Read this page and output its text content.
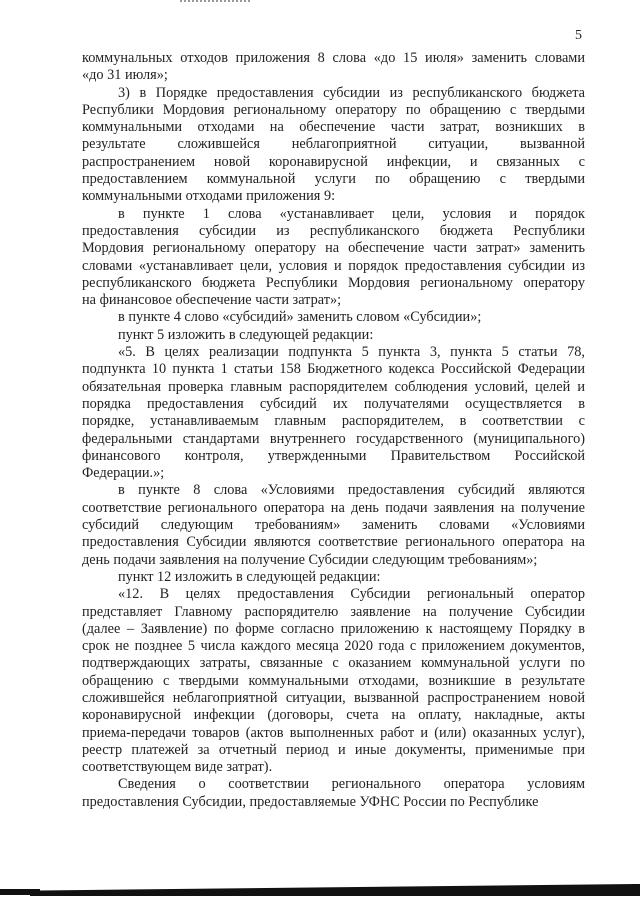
5

коммунальных отходов приложения 8 слова «до 15 июля» заменить словами

«до 31 июля»;

3) в Порядке предоставления субсидии из республиканского бюджета

Республики Мордовия региональному оператору по обращению с твердыми

коммунальными отходами на обеспечение части затрат, возникших в

результате сложившейся неблагоприятной ситуации, вызванной

распространением новой коронавирусной инфекции, и связанных с

предоставлением коммунальной услуги по обращению с твердыми

коммунальными отходами приложения 9:

в пункте 1 слова «устанавливает цели, условия и порядок

предоставления субсидии из республиканского бюджета Республики

Мордовия региональному оператору на обеспечение части затрат» заменить

словами «устанавливает цели, условия и порядок предоставления субсидии из

республиканского бюджета Республики Мордовия региональному оператору

на финансовое обеспечение части затрат»;

в пункте 4 слово «субсидий» заменить словом «Субсидии»;

пункт 5 изложить в следующей редакции:

«5. В целях реализации подпункта 5 пункта 3, пункта 5 статьи 78,

подпункта 10 пункта 1 статьи 158 Бюджетного кодекса Российской Федерации

обязательная проверка главным распорядителем соблюдения условий, целей и

порядка предоставления субсидий их получателями осуществляется в

порядке, устанавливаемым главным распорядителем, в соответствии с

федеральными стандартами внутреннего государственного (муниципального)

финансового контроля, утвержденными Правительством Российской

Федерации.»;

в пункте 8 слова «Условиями предоставления субсидий являются

соответствие регионального оператора на день подачи заявления на получение

субсидий следующим требованиям» заменить словами «Условиями

предоставления Субсидии являются соответствие регионального оператора на

день подачи заявления на получение Субсидии следующим требованиям»;

пункт 12 изложить в следующей редакции:

«12. В целях предоставления Субсидии региональный оператор

представляет Главному распорядителю заявление на получение Субсидии

(далее – Заявление) по форме согласно приложению к настоящему Порядку в

срок не позднее 5 числа каждого месяца 2020 года с приложением документов,

подтверждающих затраты, связанные с оказанием коммунальной услуги по

обращению с твердыми коммунальными отходами, возникшие в результате

сложившейся неблагоприятной ситуации, вызванной распространением новой

коронавирусной инфекции (договоры, счета на оплату, накладные, акты

приема-передачи товаров (актов выполненных работ и (или) оказанных услуг),

реестр платежей за отчетный период и иные документы, применимые при

соответствующем виде затрат).

Сведения о соответствии регионального оператора условиям

предоставления Субсидии, предоставляемые УФНС России по Республике
